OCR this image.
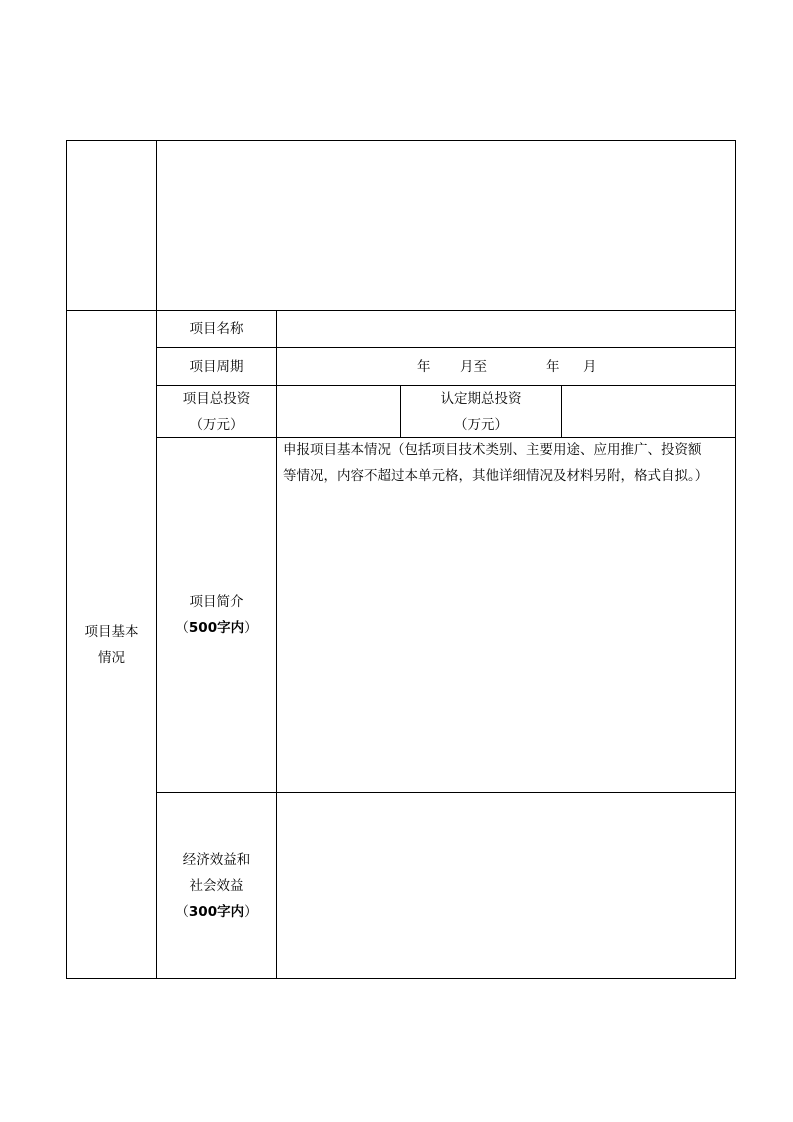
项目基本
情况
项目名称
项目周期	年 月至	年 月
项目总投资
（万元）
认定期总投资
（万元）
项目简介
（500字内）
申报项目基本情况（包括项目技术类别、主要用途、应用推广、投资额
等情况，内容不超过本单元格，其他详细情况及材料另附，格式自拟。）
经济效益和
社会效益
（300字内）
